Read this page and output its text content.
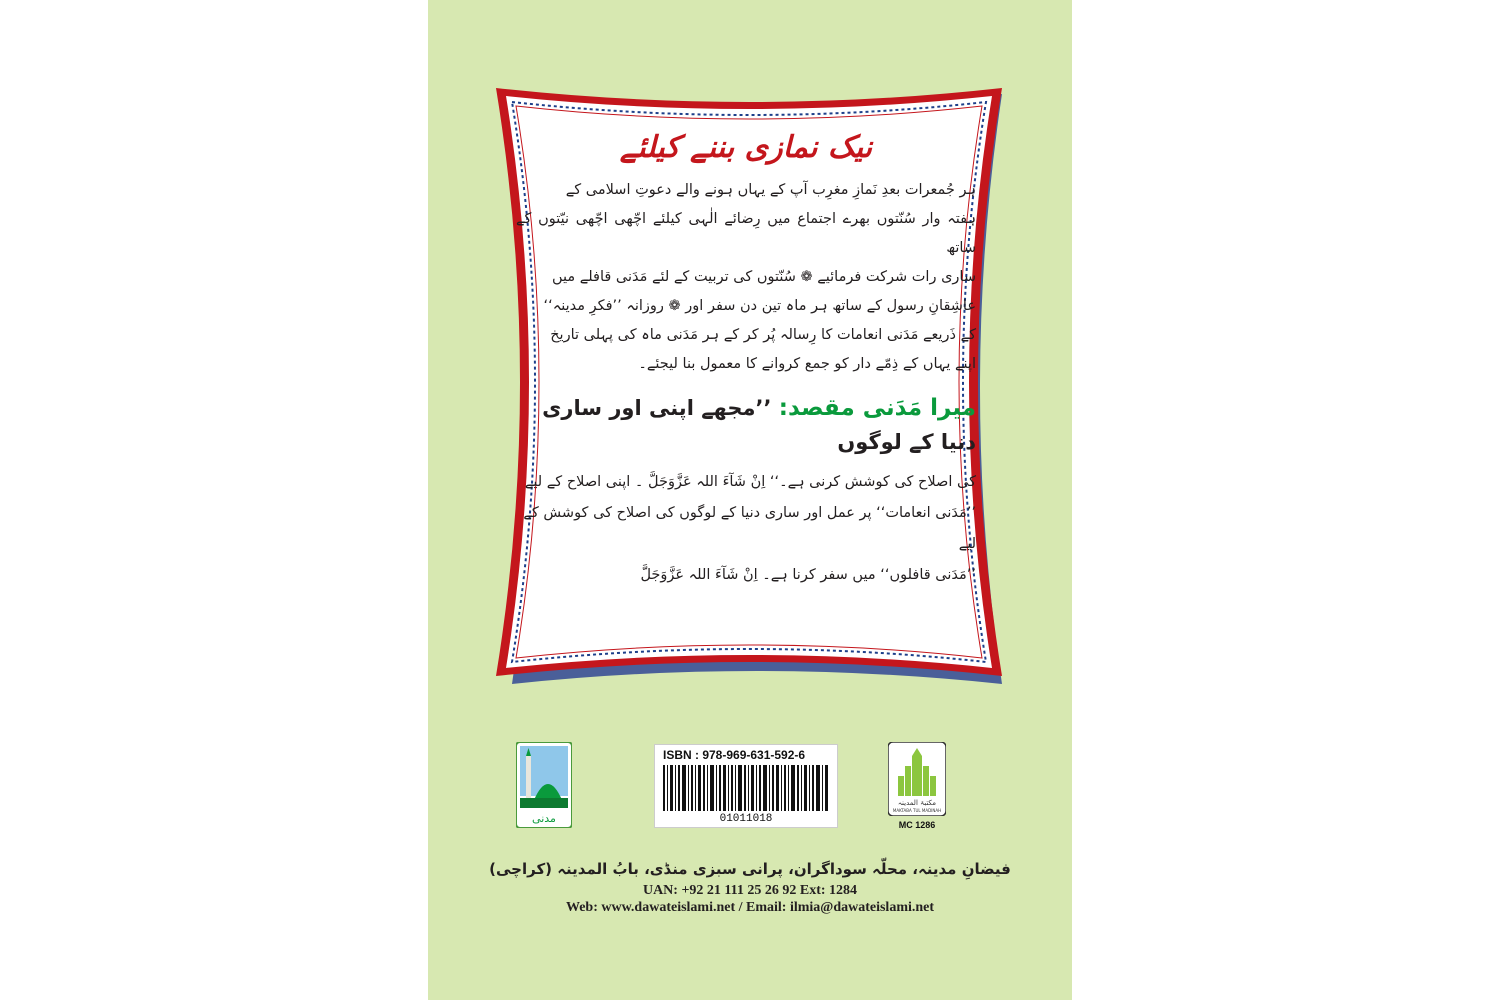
نیک نمازی بننے کیلئے

ہر جُمعرات بعدِ نَمازِ مغرِب آپ کے یہاں ہونے والے دعوتِ اسلامی کے

ہفتہ وار سُنّتوں بھرے اجتماع میں رِضائے الٰہی کیلئے اچّھی اچّھی نیّتوں کے ساتھ

ساری رات شرکت فرمائیے ❁ سُنّتوں کی تربیت کے لئے مَدَنی قافلے میں

عاشِقانِ رسول کے ساتھ ہر ماہ تین دن سفر اور ❁ روزانہ ’’فکرِ مدینہ‘‘

کے ذَریعے مَدَنی انعامات کا رِسالہ پُر کر کے ہر مَدَنی ماہ کی پہلی تاریخ

اپنے یہاں کے ذِمّے دار کو جمع کروانے کا معمول بنا لیجئے۔

میرا مَدَنی مقصد: ’’مجھے اپنی اور ساری دنیا کے لوگوں

کی اصلاح کی کوشش کرنی ہے۔‘‘ اِنْ شَآءَ اللہ عَزَّوَجَلَّ ۔ اپنی اصلاح کے لیے

’’مَدَنی انعامات‘‘ پر عمل اور ساری دنیا کے لوگوں کی اصلاح کی کوشش کے لیے

’’مَدَنی قافلوں‘‘ میں سفر کرنا ہے۔ اِنْ شَآءَ اللہ عَزَّوَجَلَّ

مدنی
ISBN : 978-969-631-592-6
01011018
مکتبۃ المدینہ
MAKTABA TUL MADINAH
MC 1286
فیضانِ مدینہ، محلّہ سوداگران، پرانی سبزی منڈی، بابُ المدینہ (کراچی)
UAN: +92 21 111 25 26 92 Ext: 1284
Web: www.dawateislami.net / Email: ilmia@dawateislami.net
